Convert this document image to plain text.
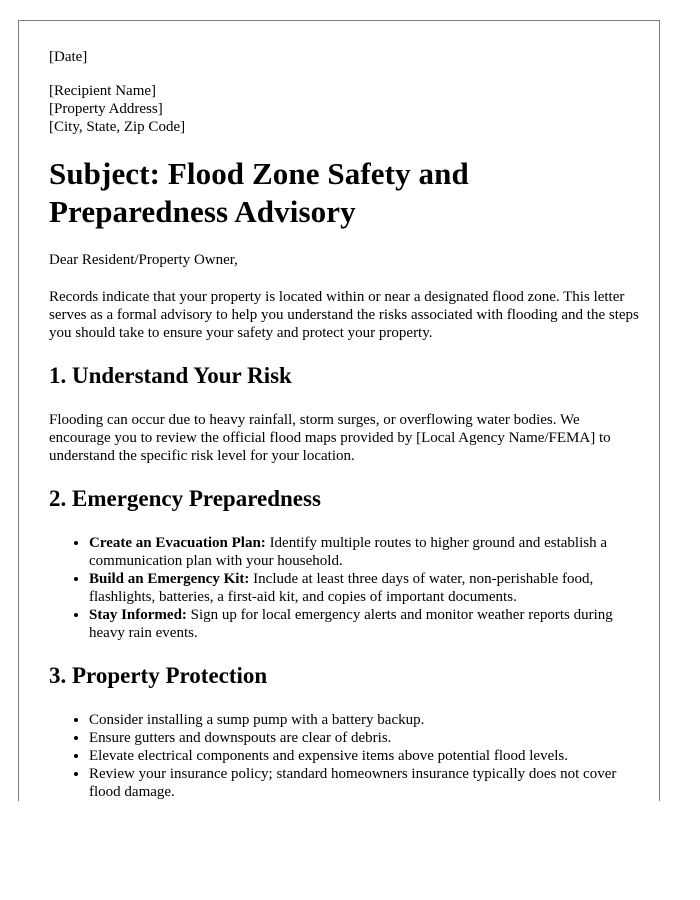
[Date]

[Recipient Name]
[Property Address]
[City, State, Zip Code]
Subject: Flood Zone Safety and Preparedness Advisory

Dear Resident/Property Owner,

Records indicate that your property is located within or near a designated flood zone. This letter serves as a formal advisory to help you understand the risks associated with flooding and the steps you should take to ensure your safety and protect your property.

1. Understand Your Risk

Flooding can occur due to heavy rainfall, storm surges, or overflowing water bodies. We encourage you to review the official flood maps provided by [Local Agency Name/FEMA] to understand the specific risk level for your location.

2. Emergency Preparedness
• Create an Evacuation Plan: Identify multiple routes to higher ground and establish a communication plan with your household.
• Build an Emergency Kit: Include at least three days of water, non-perishable food, flashlights, batteries, a first-aid kit, and copies of important documents.
• Stay Informed: Sign up for local emergency alerts and monitor weather reports during heavy rain events.
3. Property Protection
• Consider installing a sump pump with a battery backup.
• Ensure gutters and downspouts are clear of debris.
• Elevate electrical components and expensive items above potential flood levels.
• Review your insurance policy; standard homeowners insurance typically does not cover flood damage.
